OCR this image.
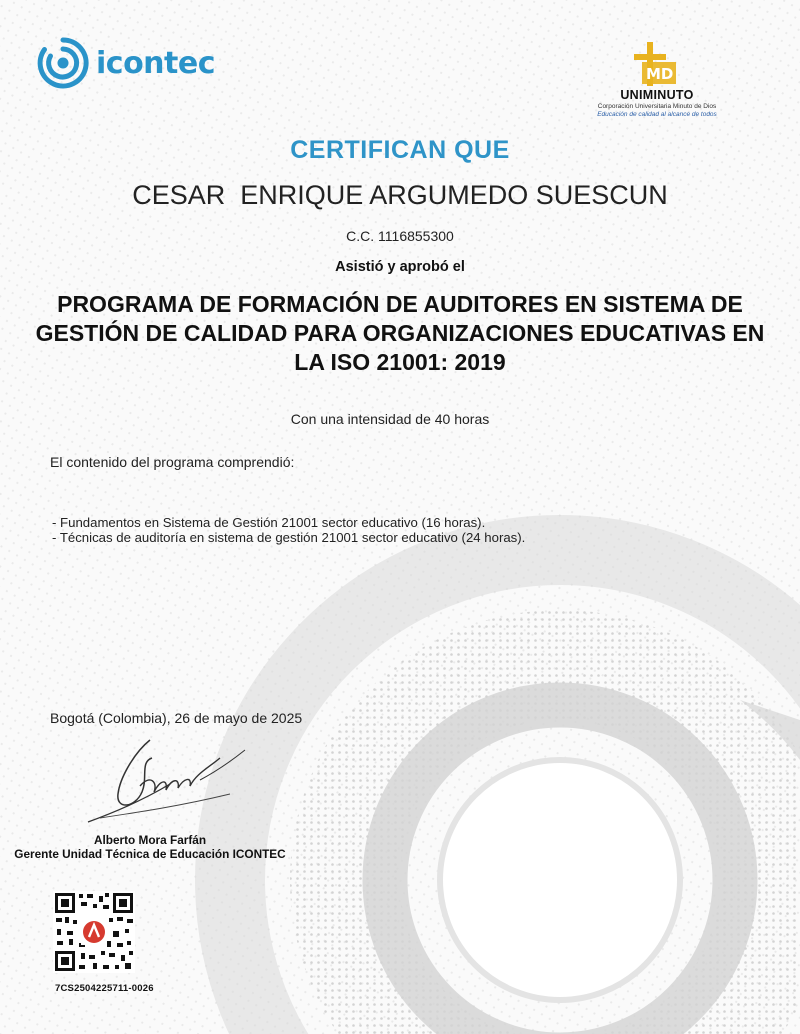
icontec	MD
UNIMINUTO
Corporación Universitaria Minuto de Dios
Educación de calidad al alcance de todos
CERTIFICAN QUE
CESAR  ENRIQUE ARGUMEDO SUESCUN
C.C. 1116855300
Asistió y aprobó el
PROGRAMA DE FORMACIÓN DE AUDITORES EN SISTEMA DE GESTIÓN DE CALIDAD PARA ORGANIZACIONES EDUCATIVAS EN LA ISO 21001: 2019
Con una intensidad de 40 horas
El contenido del programa comprendió:
- Fundamentos en Sistema de Gestión 21001 sector educativo (16 horas).
- Técnicas de auditoría en sistema de gestión 21001 sector educativo (24 horas).
Bogotá (Colombia), 26 de mayo de 2025
Alberto Mora Farfán
Gerente Unidad Técnica de Educación ICONTEC
7CS2504225711-0026
